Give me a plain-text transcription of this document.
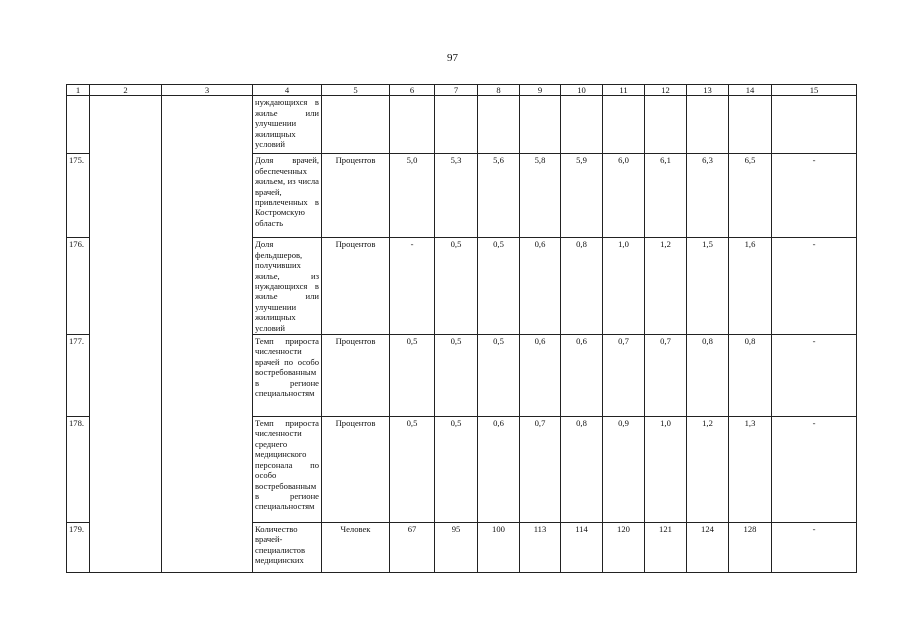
97
1	2	3	4	5	6	7	8	9	10	11	12	13	14	15
			нуждающихся в жилье или улучшении жилищных условий											
175.			Доля врачей, обеспеченных жильем, из числа врачей, привлеченных в Костромскую область	Процентов	5,0	5,3	5,6	5,8	5,9	6,0	6,1	6,3	6,5	-
176.			Доля фельдшеров, получивших жилье, из нуждающихся в жилье или улучшении жилищных условий	Процентов	-	0,5	0,5	0,6	0,8	1,0	1,2	1,5	1,6	-
177.			Темп прироста численности врачей по особо востребованным в регионе специальностям	Процентов	0,5	0,5	0,5	0,6	0,6	0,7	0,7	0,8	0,8	-
178.			Темп прироста численности среднего медицинского персонала по особо востребованным в регионе специальностям	Процентов	0,5	0,5	0,6	0,7	0,8	0,9	1,0	1,2	1,3	-
179.			Количество врачей-специалистов медицинских	Человек	67	95	100	113	114	120	121	124	128	-
